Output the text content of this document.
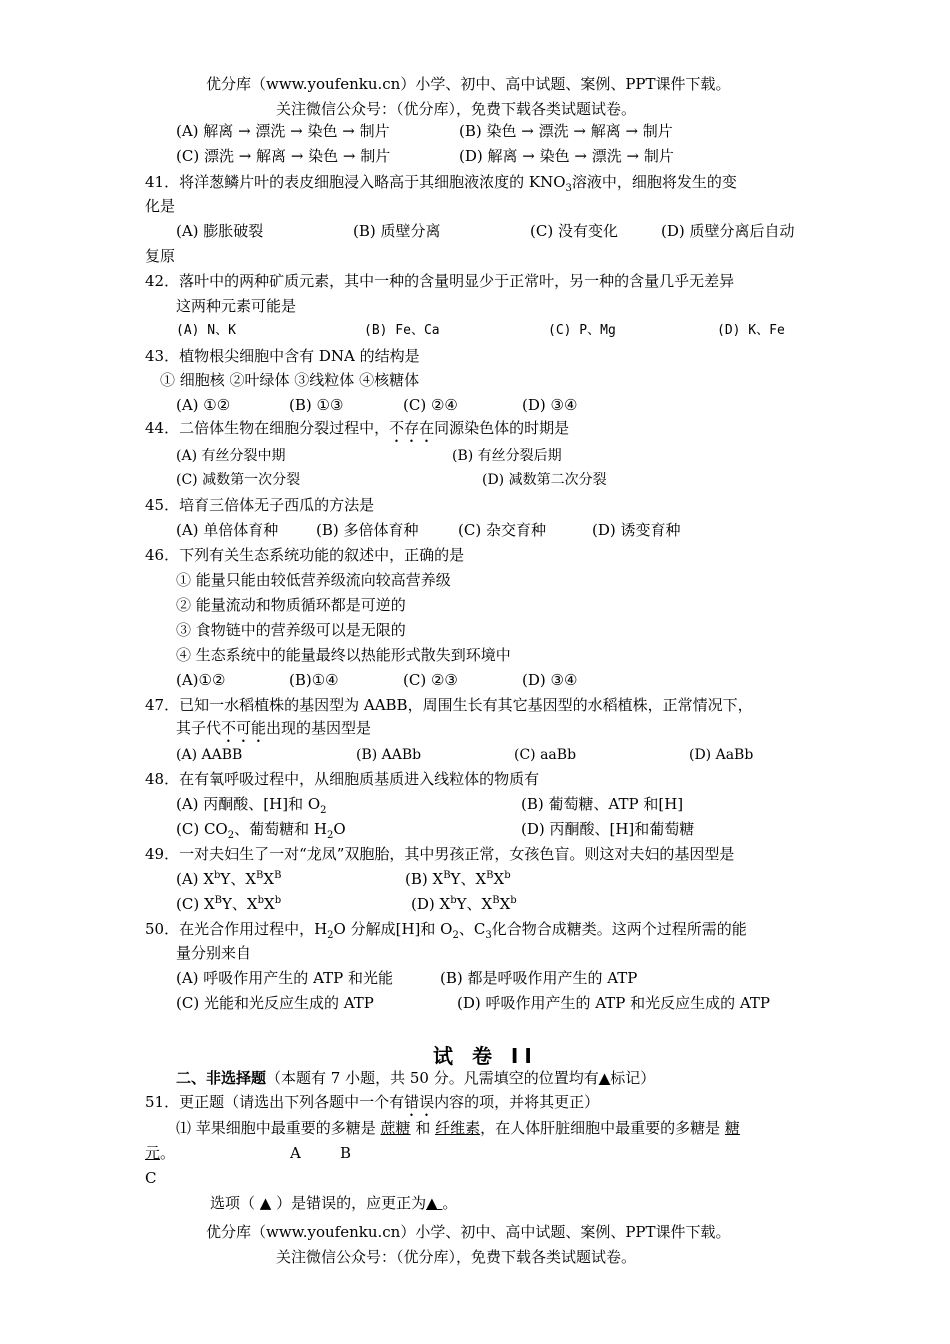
优分库（www.youfenku.cn）小学、初中、高中试题、案例、PPT课件下载。
关注微信公众号：（优分库），免费下载各类试题试卷。
(A) 解离 → 漂洗 → 染色 → 制片	(B) 染色 → 漂洗 → 解离 → 制片
(C) 漂洗 → 解离 → 染色 → 制片	(D) 解离 → 染色 → 漂洗 → 制片
41．将洋葱鳞片叶的表皮细胞浸入略高于其细胞液浓度的 $KNO_3$溶液中，细胞将发生的变
化是
(A) 膨胀破裂	(B) 质壁分离	(C) 没有变化	(D) 质壁分离后自动
复原
42．落叶中的两种矿质元素，其中一种的含量明显少于正常叶，另一种的含量几乎无差异
这两种元素可能是
(A) N、K	(B) Fe、Ca	(C) P、Mg	(D) K、Fe
43．植物根尖细胞中含有 DNA 的结构是
① 细胞核 ②叶绿体 ③线粒体 ④核糖体
(A) ①②	(B) ①③	(C) ②④	(D) ③④
44．二倍体生物在细胞分裂过程中，不存在同源染色体的时期是
(A) 有丝分裂中期	(B) 有丝分裂后期
(C) 减数第一次分裂	(D) 减数第二次分裂
45．培育三倍体无子西瓜的方法是
(A) 单倍体育种	(B) 多倍体育种	(C) 杂交育种	(D) 诱变育种
46．下列有关生态系统功能的叙述中，正确的是
① 能量只能由较低营养级流向较高营养级
② 能量流动和物质循环都是可逆的
③ 食物链中的营养级可以是无限的
④ 生态系统中的能量最终以热能形式散失到环境中
(A)①②	(B)①④	(C) ②③	(D) ③④
47．已知一水稻植株的基因型为 AABB，周围生长有其它基因型的水稻植株，正常情况下，
其子代不可能出现的基因型是
(A) AABB	(B) AABb	(C) aaBb	(D) AaBb
48．在有氧呼吸过程中，从细胞质基质进入线粒体的物质有
(A) 丙酮酸、[H]和 $O_2$	(B) 葡萄糖、ATP 和[H]
(C) $CO_2$、葡萄糖和 $H_2O$	(D) 丙酮酸、[H]和葡萄糖
49．一对夫妇生了一对“龙凤”双胞胎，其中男孩正常，女孩色盲。则这对夫妇的基因型是
(A) $X^bY$、$X^BX^B$	(B) $X^BY$、$X^BX^b$
(C) $X^BY$、$X^bX^b$	(D) $X^bY$、$X^BX^b$
50．在光合作用过程中，$H_2O$ 分解成[H]和 $O_2$、$C_3$化合物合成糖类。这两个过程所需的能
量分别来自
(A) 呼吸作用产生的 ATP 和光能	(B) 都是呼吸作用产生的 ATP
(C) 光能和光反应生成的 ATP	(D) 呼吸作用产生的 ATP 和光反应生成的 ATP
试 卷 II
二、非选择题（本题有 7 小题，共 50 分。凡需填空的位置均有▲标记）
51．更正题（请选出下列各题中一个有错误内容的项，并将其更正）
⑴ 苹果细胞中最重要的多糖是 蔗糖 和 纤维素，在人体肝脏细胞中最重要的多糖是 糖
元。	A	B
C
选项（ ▲ ）是错误的，应更正为▲ 。
优分库（www.youfenku.cn）小学、初中、高中试题、案例、PPT课件下载。
关注微信公众号：（优分库），免费下载各类试题试卷。
